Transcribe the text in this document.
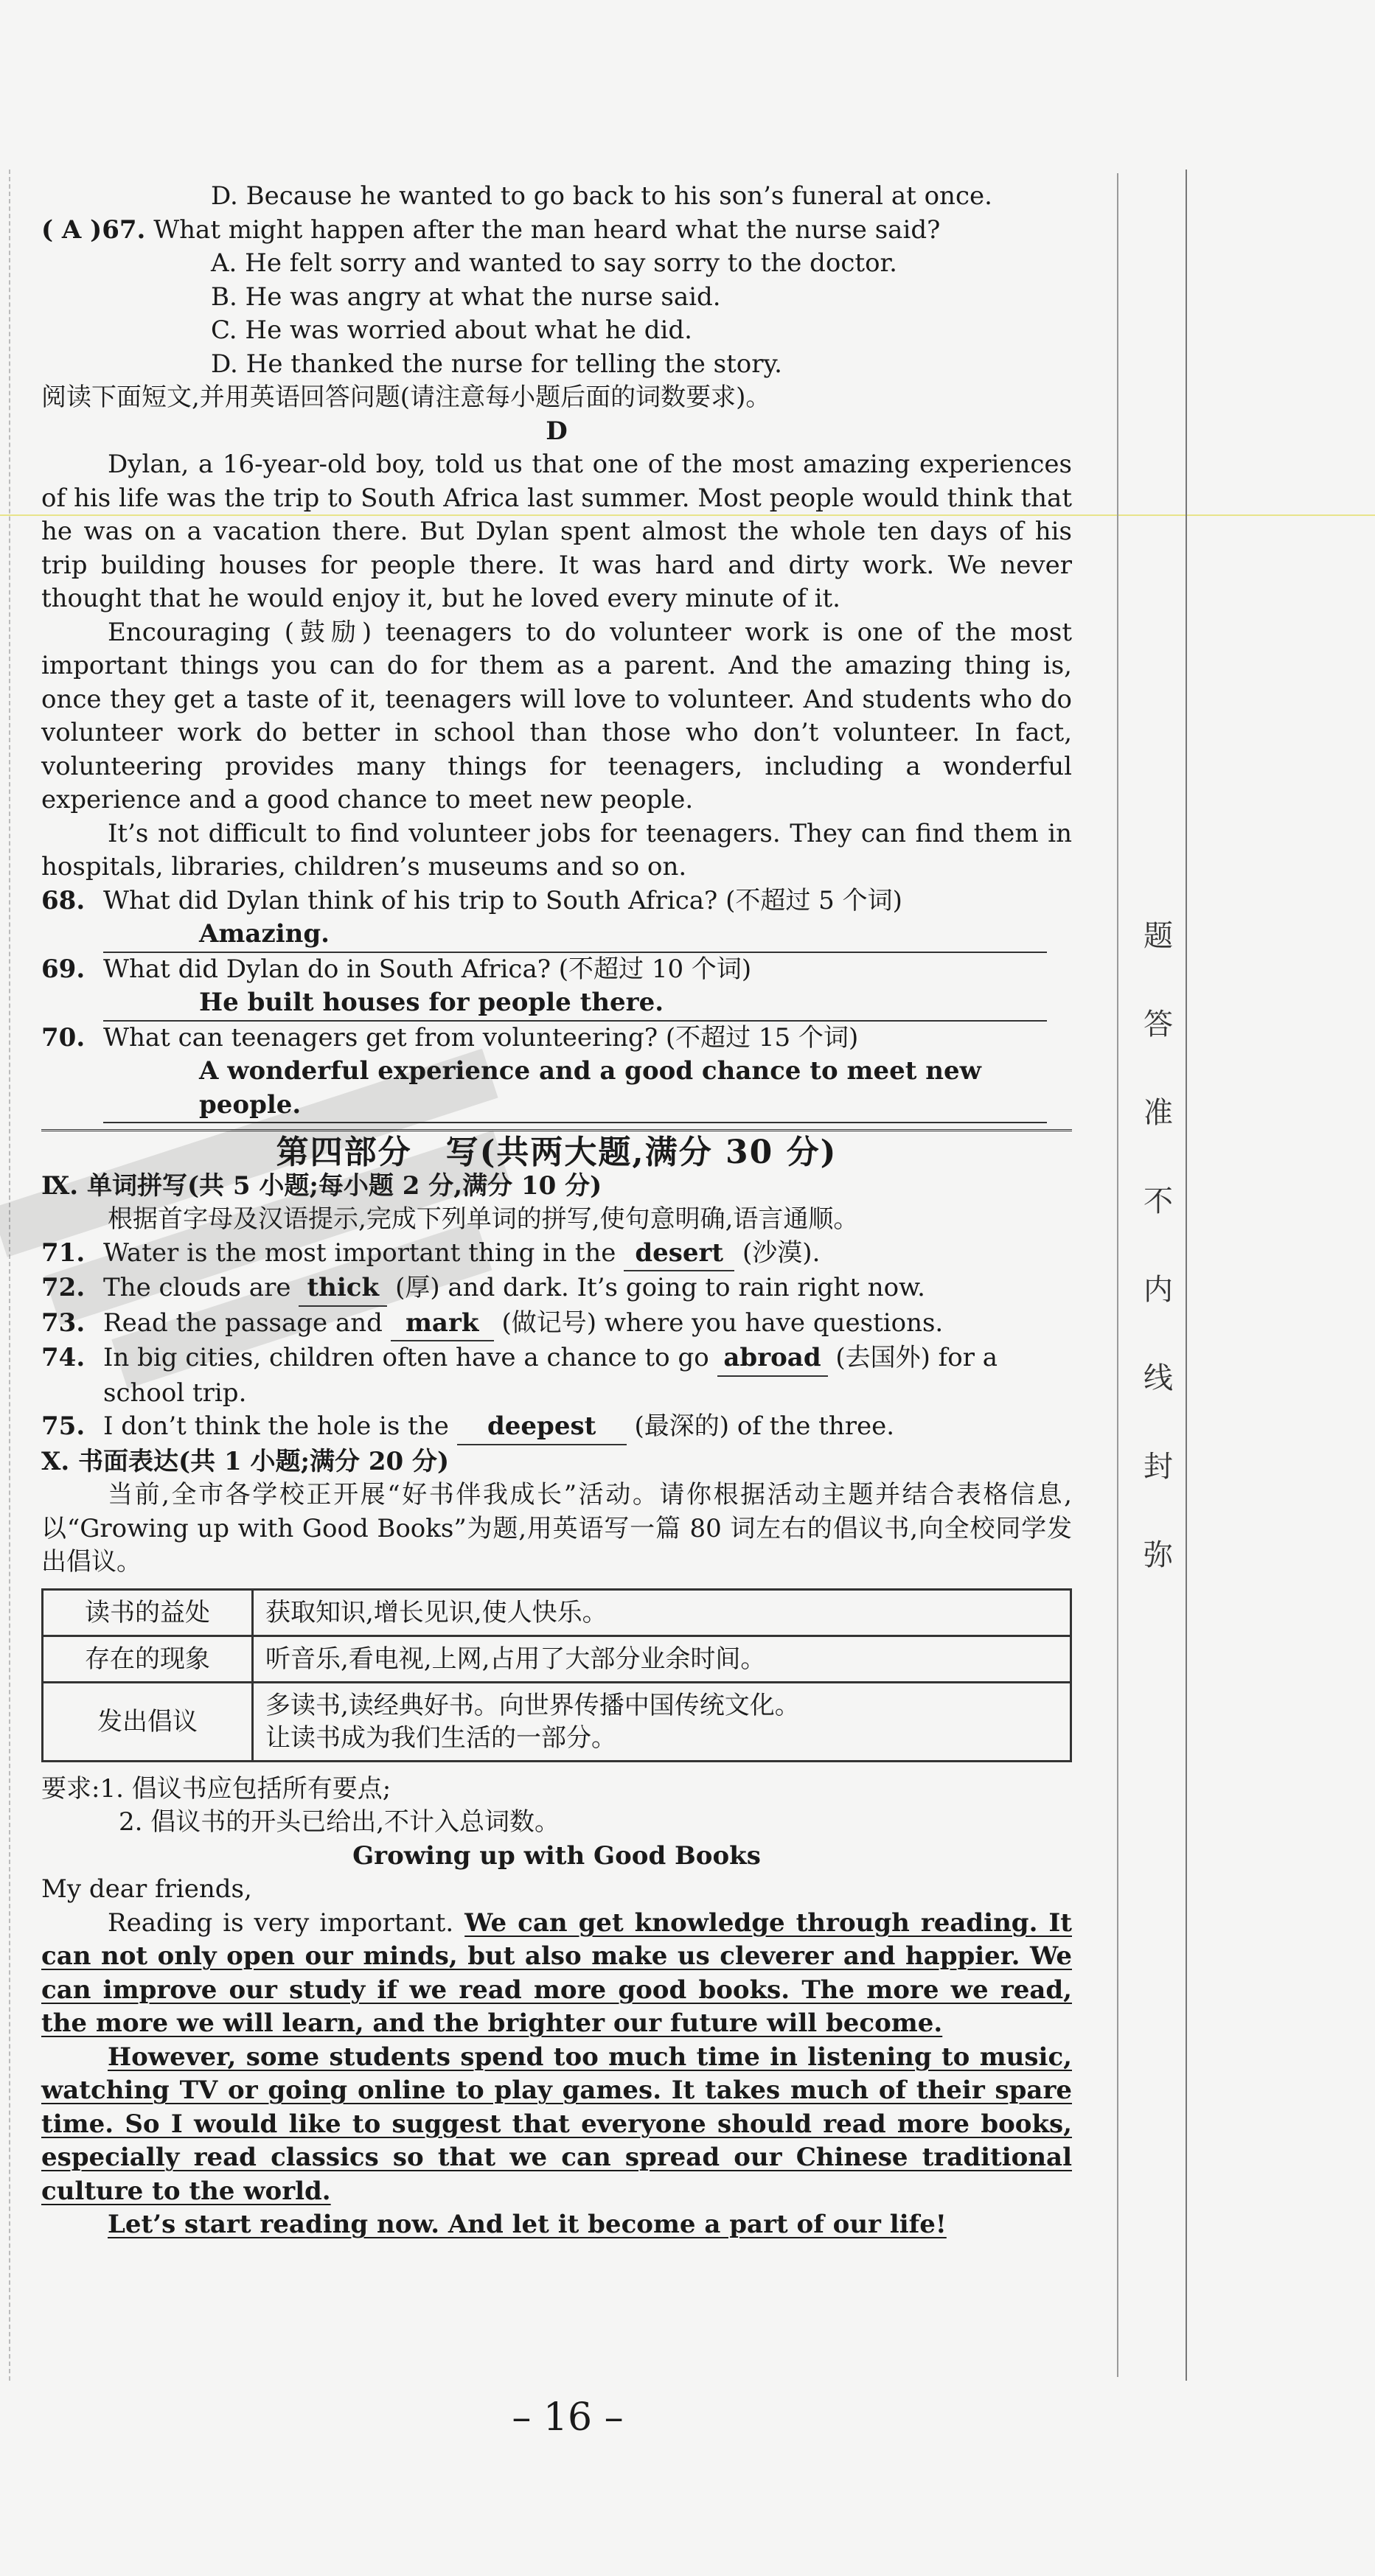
D. Because he wanted to go back to his son’s funeral at once.
( A )67. What might happen after the man heard what the nurse said?
A. He felt sorry and wanted to say sorry to the doctor.
B. He was angry at what the nurse said.
C. He was worried about what he did.
D. He thanked the nurse for telling the story.
阅读下面短文,并用英语回答问题(请注意每小题后面的词数要求)。
D
Dylan, a 16-year-old boy, told us that one of the most amazing experiences of his life was the trip to South Africa last summer. Most people would think that he was on a vacation there. But Dylan spent almost the whole ten days of his trip building houses for people there. It was hard and dirty work. We never thought that he would enjoy it, but he loved every minute of it.
Encouraging (鼓励) teenagers to do volunteer work is one of the most important things you can do for them as a parent. And the amazing thing is, once they get a taste of it, teenagers will love to volunteer. And students who do volunteer work do better in school than those who don’t volunteer. In fact, volunteering provides many things for teenagers, including a wonderful experience and a good chance to meet new people.
It’s not difficult to find volunteer jobs for teenagers. They can find them in hospitals, libraries, children’s museums and so on.
68. What did Dylan think of his trip to South Africa? (不超过 5 个词)
Amazing.
69. What did Dylan do in South Africa? (不超过 10 个词)
He built houses for people there.
70. What can teenagers get from volunteering? (不超过 15 个词)
A wonderful experience and a good chance to meet new people.
第四部分　写(共两大题,满分 30 分)
Ⅸ. 单词拼写(共 5 小题;每小题 2 分,满分 10 分)
根据首字母及汉语提示,完成下列单词的拼写,使句意明确,语言通顺。
71. Water is the most important thing in the desert (沙漠).
72. The clouds are thick (厚) and dark. It’s going to rain right now.
73. Read the passage and mark (做记号) where you have questions.
74. In big cities, children often have a chance to go abroad (去国外) for a school trip.
75. I don’t think the hole is the deepest (最深的) of the three.
Ⅹ. 书面表达(共 1 小题;满分 20 分)
当前,全市各学校正开展“好书伴我成长”活动。请你根据活动主题并结合表格信息,以“Growing up with Good Books”为题,用英语写一篇 80 词左右的倡议书,向全校同学发出倡议。
读书的益处	获取知识,增长见识,使人快乐。
存在的现象	听音乐,看电视,上网,占用了大部分业余时间。
发出倡议	多读书,读经典好书。向世界传播中国传统文化。
让读书成为我们生活的一部分。
要求:1. 倡议书应包括所有要点;
2. 倡议书的开头已给出,不计入总词数。
Growing up with Good Books
My dear friends,
Reading is very important. We can get knowledge through reading. It can not only open our minds, but also make us cleverer and happier. We can improve our study if we read more good books. The more we read, the more we will learn, and the brighter our future will become.
However, some students spend too much time in listening to music, watching TV or going online to play games. It takes much of their spare time. So I would like to suggest that everyone should read more books, especially read classics so that we can spread our Chinese traditional culture to the world.
Let’s start reading now. And let it become a part of our life!
– 16 –
题
答
准
不
内
线
封
弥
